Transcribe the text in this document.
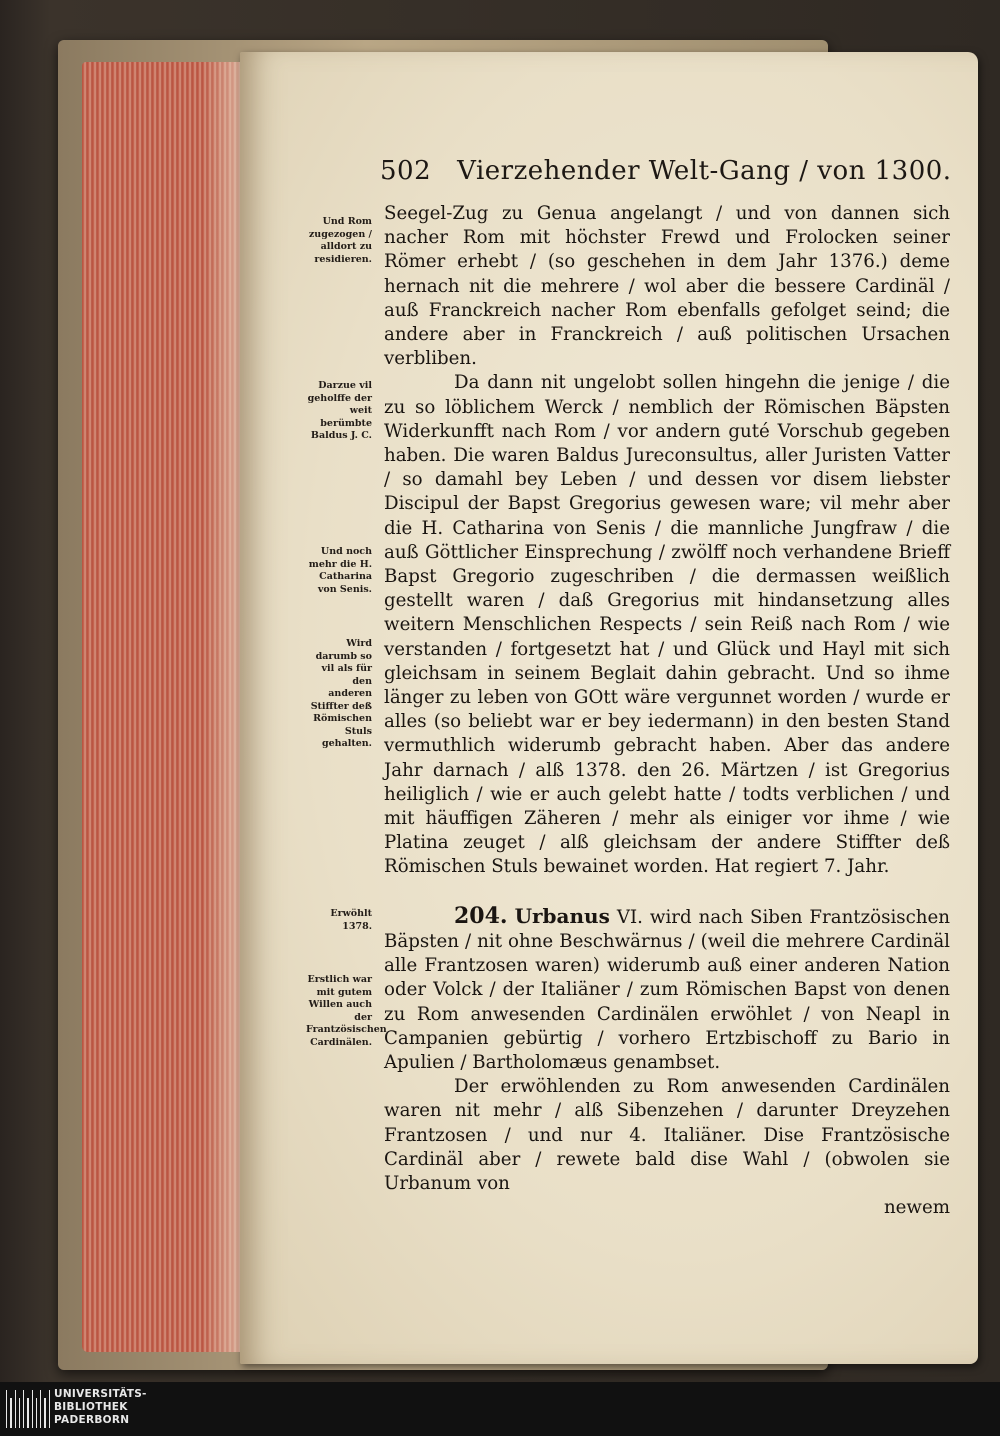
502 Vierzehender Welt-Gang / von 1300.
Und Rom zugezogen / alldort zu residieren.
Darzue vil geholffe der weit berümbte Baldus J. C.
Und noch mehr die H. Catharina von Senis.
Wird darumb so vil als für den anderen Stiffter deß Römischen Stuls gehalten.
Erwöhlt 1378.
Erstlich war mit gutem Willen auch der Frantzösischen Cardinälen.

Seegel-Zug zu Genua angelangt / und von dannen sich nacher Rom mit höchster Frewd und Frolocken seiner Römer erhebt / (so geschehen in dem Jahr 1376.) deme hernach nit die mehrere / wol aber die bessere Cardinäl / auß Franckreich nacher Rom ebenfalls gefolget seind; die andere aber in Franckreich / auß politischen Ursachen verbliben.

Da dann nit ungelobt sollen hingehn die jenige / die zu so löblichem Werck / nemblich der Römischen Bäpsten Widerkunfft nach Rom / vor andern guté Vorschub gegeben haben. Die waren Baldus Jureconsultus, aller Juristen Vatter / so damahl bey Leben / und dessen vor disem liebster Discipul der Bapst Gregorius gewesen ware; vil mehr aber die H. Catharina von Senis / die mannliche Jungfraw / die auß Göttlicher Einsprechung / zwölff noch verhandene Brieff Bapst Gregorio zugeschriben / die dermassen weißlich gestellt waren / daß Gregorius mit hindansetzung alles weitern Menschlichen Respects / sein Reiß nach Rom / wie verstanden / fortgesetzt hat / und Glück und Hayl mit sich gleichsam in seinem Beglait dahin gebracht. Und so ihme länger zu leben von GOtt wäre vergunnet worden / wurde er alles (so beliebt war er bey iedermann) in den besten Stand vermuthlich widerumb gebracht haben. Aber das andere Jahr darnach / alß 1378. den 26. Märtzen / ist Gregorius heiliglich / wie er auch gelebt hatte / todts verblichen / und mit häuffigen Zäheren / mehr als einiger vor ihme / wie Platina zeuget / alß gleichsam der andere Stiffter deß Römischen Stuls bewainet worden. Hat regiert 7. Jahr.

204. Urbanus VI. wird nach Siben Frantzösischen Bäpsten / nit ohne Beschwärnus / (weil die mehrere Cardinäl alle Frantzosen waren) widerumb auß einer anderen Nation oder Volck / der Italiäner / zum Römischen Bapst von denen zu Rom anwesenden Cardinälen erwöhlet / von Neapl in Campanien gebürtig / vorhero Ertzbischoff zu Bario in Apulien / Bartholomæus genambset.

Der erwöhlenden zu Rom anwesenden Cardinälen waren nit mehr / alß Sibenzehen / darunter Dreyzehen Frantzosen / und nur 4. Italiäner. Dise Frantzösische Cardinäl aber / rewete bald dise Wahl / (obwolen sie Urbanum von

newem

UNIVERSITÄTS-
BIBLIOTHEK
PADERBORN
